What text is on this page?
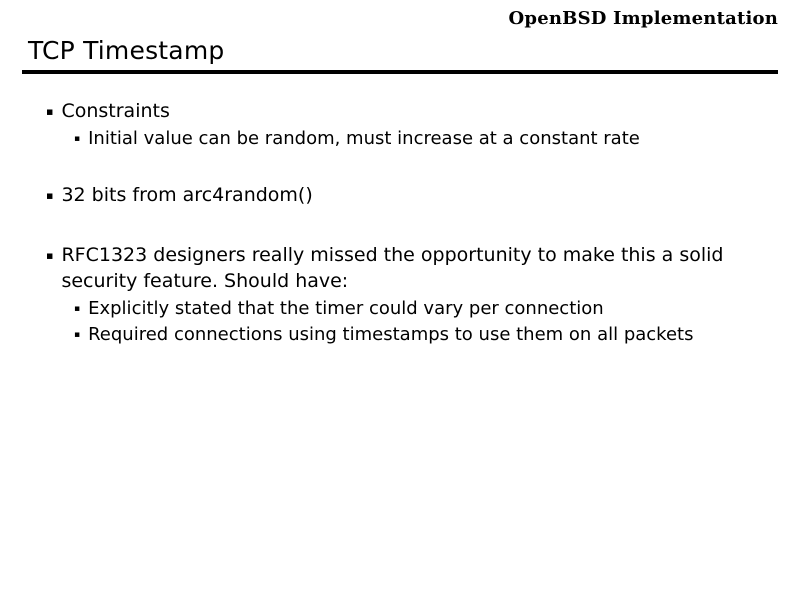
OpenBSD Implementation
TCP Timestamp
▪ Constraints
▪ Initial value can be random, must increase at a constant rate
▪ 32 bits from arc4random()
▪ RFC1323 designers really missed the opportunity to make this a solid security feature. Should have:
▪ Explicitly stated that the timer could vary per connection
▪ Required connections using timestamps to use them on all packets
